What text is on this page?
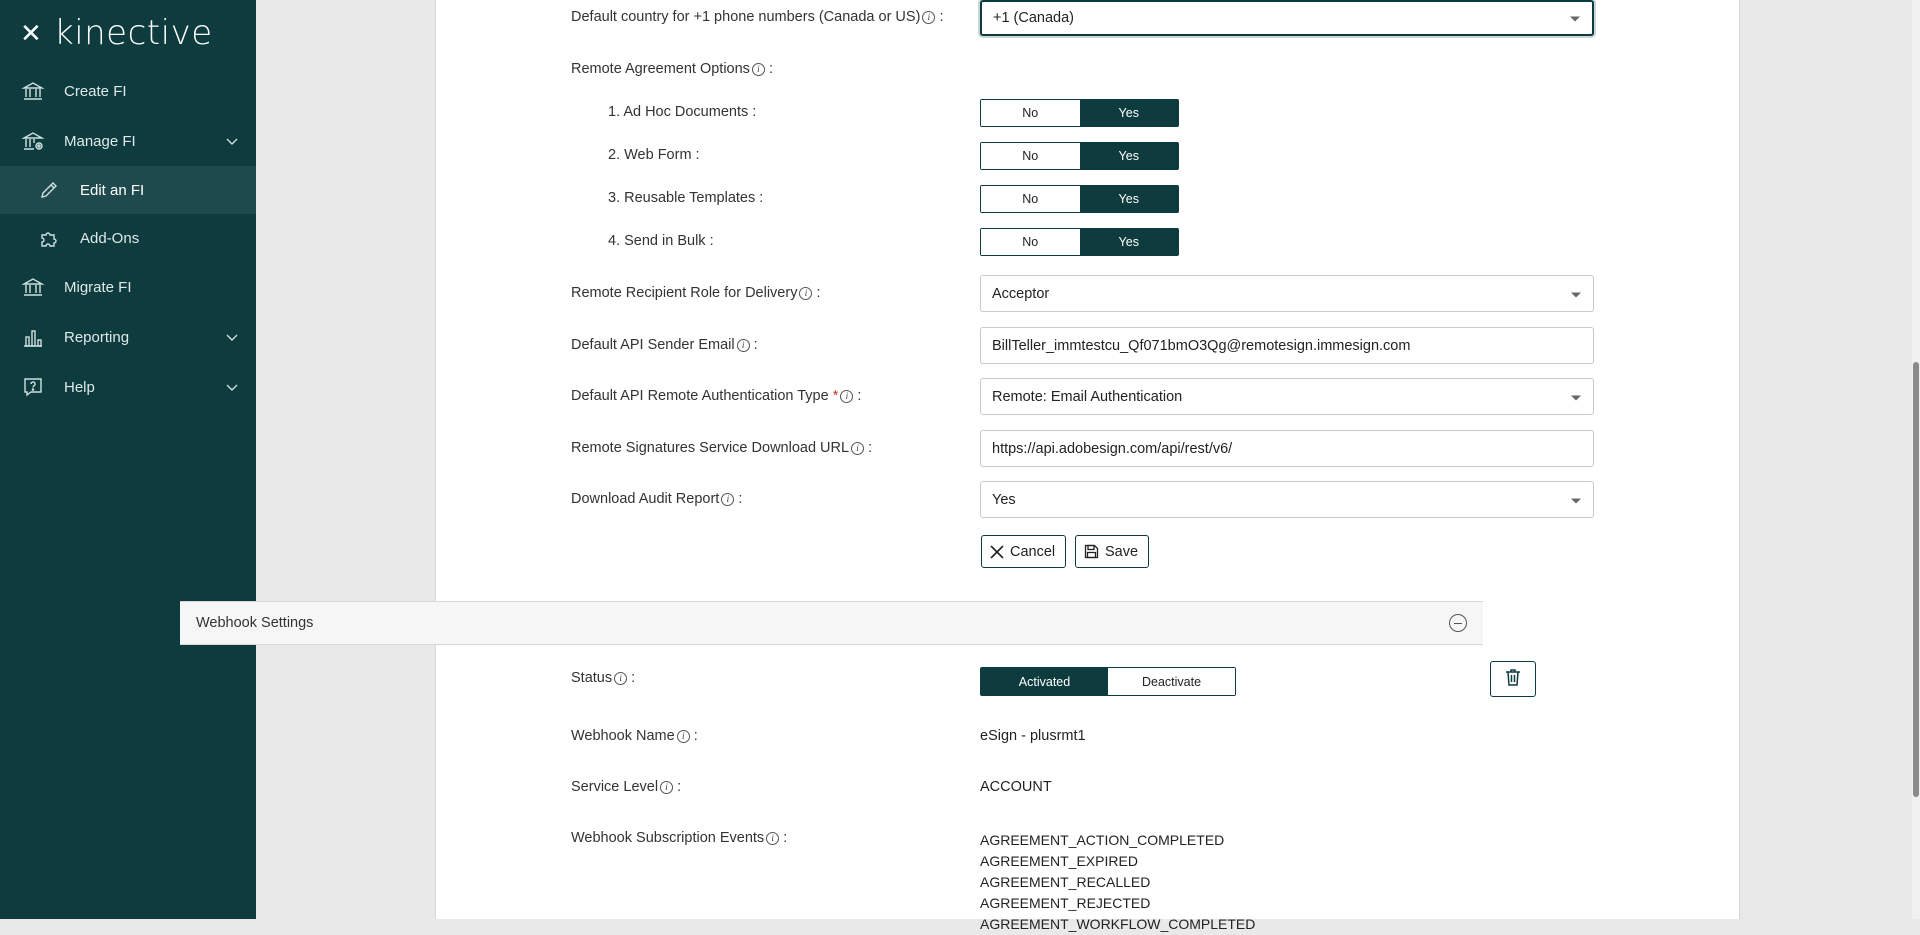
✕ kinective
Create FI
Manage FI
Edit an FI
Add-Ons
Migrate FI
Reporting
Help
Default country for +1 phone numbers (Canada or US) i :	+1 (Canada)
Remote Agreement Options i :
1. Ad Hoc Documents :	No	Yes
2. Web Form :	No	Yes
3. Reusable Templates :	No	Yes
4. Send in Bulk :	No	Yes
Remote Recipient Role for Delivery i :	Acceptor
Default API Sender Email i :	BillTeller_immtestcu_Qf071bmO3Qg@remotesign.immesign.com
Default API Remote Authentication Type * i :	Remote: Email Authentication
Remote Signatures Service Download URL i :	https://api.adobesign.com/api/rest/v6/
Download Audit Report i :	Yes
Cancel	Save
Webhook Settings
Status i :	Activated	Deactivate
Webhook Name i :	eSign - plusrmt1
Service Level i :	ACCOUNT
Webhook Subscription Events i :	AGREEMENT_ACTION_COMPLETED
AGREEMENT_EXPIRED
AGREEMENT_RECALLED
AGREEMENT_REJECTED
AGREEMENT_WORKFLOW_COMPLETED
